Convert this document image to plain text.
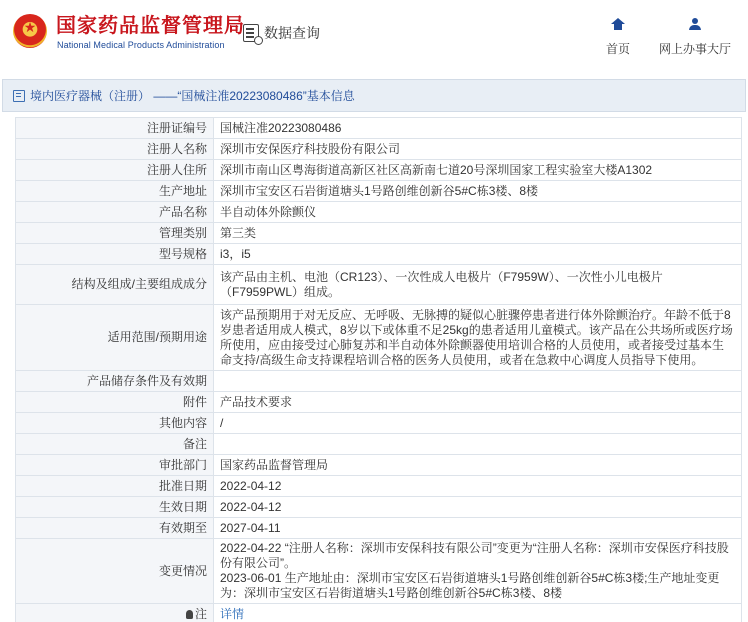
★
国家药品监督管理局
National Medical Products Administration
数据查询
首页	网上办事大厅
境内医疗器械（注册） ——“国械注准20223080486”基本信息
注册证编号	国械注准20223080486
注册人名称	深圳市安保医疗科技股份有限公司
注册人住所	深圳市南山区粤海街道高新区社区高新南七道20号深圳国家工程实验室大楼A1302
生产地址	深圳市宝安区石岩街道塘头1号路创维创新谷5#C栋3楼、8楼
产品名称	半自动体外除颤仪
管理类别	第三类
型号规格	i3，i5
结构及组成/主要组成成分	该产品由主机、电池（CR123）、一次性成人电极片（F7959W）、一次性小儿电极片（F7959PWL）组成。
适用范围/预期用途	该产品预期用于对无反应、无呼吸、无脉搏的疑似心脏骤停患者进行体外除颤治疗。年龄不低于8岁患者适用成人模式，8岁以下或体重不足25kg的患者适用儿童模式。该产品在公共场所或医疗场所使用，应由接受过心肺复苏和半自动体外除颤器使用培训合格的人员使用，或者接受过基本生命支持/高级生命支持课程培训合格的医务人员使用，或者在急救中心调度人员指导下使用。
产品储存条件及有效期	
附件	产品技术要求
其他内容	/
备注	
审批部门	国家药品监督管理局
批准日期	2022-04-12
生效日期	2022-04-12
有效期至	2027-04-11
变更情况	2022-04-22 “注册人名称：深圳市安保科技有限公司”变更为“注册人名称：深圳市安保医疗科技股份有限公司”。
2023-06-01 生产地址由：深圳市宝安区石岩街道塘头1号路创维创新谷5#C栋3楼;生产地址变更为：深圳市宝安区石岩街道塘头1号路创维创新谷5#C栋3楼、8楼
注	详情
